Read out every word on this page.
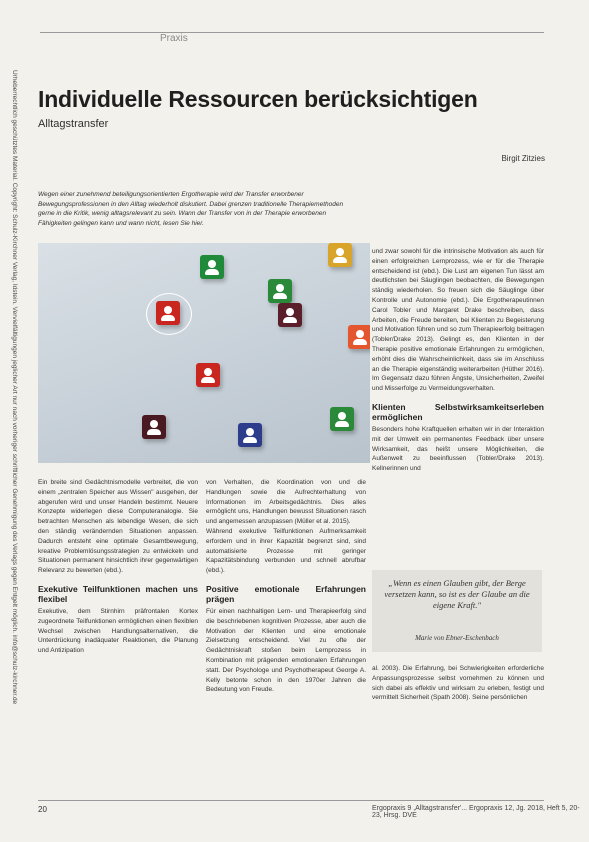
Praxis
Urheberrechtlich geschütztes Material. Copyright: Schulz-Kirchner Verlag, Idstein. Vervielfältigungen jeglicher Art nur nach vorheriger schriftlicher Genehmigung des Verlags gegen Entgelt möglich. info@schulz-kirchner.de Individuelle Ressourcen berücksichtigen
Alltagstransfer
Birgit Zitzies
Wegen einer zunehmend beteiligungsorientierten Ergotherapie wird der Transfer erworbener Bewegungsprofessionen in den Alltag wiederholt diskutiert. Dabei grenzen traditionelle Therapiemethoden gerne in die Kritik, wenig alltagsrelevant zu sein. Wann der Transfer von in der Therapie erworbenen Fähigkeiten gelingen kann und wann nicht, lesen Sie hier.

Ein breite sind Gedächtnismodelle verbreitet, die von einem „zentralen Speicher aus Wissen" ausgehen, der abgerufen wird und unser Handeln bestimmt. Neuere Konzepte widerlegen diese Computeranalogie. Sie betrachten Menschen als lebendige Wesen, die sich den ständig verändernden Situationen anpassen. Dadurch entsteht eine optimale Gesamtbewegung, kreative Problemlösungsstrategien zu entwickeln und Situationen permanent hinsichtlich ihrer gegenwärtigen Relevanz zu bewerten (ebd.).

Exekutive Teilfunktionen machen uns flexibel

Exekutive, dem Stirnhirn präfrontalen Kortex zugeordnete Teilfunktionen ermöglichen einen flexiblen Wechsel zwischen Handlungsalternativen, die Unterdrückung inadäquater Reaktionen, die Planung und Antizipation

von Verhalten, die Koordination von und die Handlungen sowie die Aufrechterhaltung von Informationen im Arbeitsgedächtnis. Dies alles ermöglicht uns, Handlungen bewusst Situationen rasch und angemessen anzupassen (Müller et al. 2015).

Während exekutive Teilfunktionen Aufmerksamkeit erfordern und in ihrer Kapazität begrenzt sind, sind automatisierte Prozesse mit geringer Kapazitätsbindung verbunden und schnell abrufbar (ebd.).

Positive emotionale Erfahrungen prägen

Für einen nachhaltigen Lern- und Therapieerfolg sind die beschriebenen kognitiven Prozesse, aber auch die Motivation der Klienten und eine emotionale Zielsetzung entscheidend. Viel zu ofte der Gedächtniskraft stoßen beim Lernprozess in Kombination mit prägenden emotionalen Erfahrungen statt. Der Psychologe und Psychotherapeut George A. Kelly betonte schon in den 1970er Jahren die Bedeutung von Freude.

und zwar sowohl für die intrinsische Motivation als auch für einen erfolgreichen Lernprozess, wie er für die Therapie entscheidend ist (ebd.). Die Lust am eigenen Tun lässt am deutlichsten bei Säuglingen beobachten, die Bewegungen ständig wiederholen. So freuen sich die Säuglinge über Kontrolle und Autonomie (ebd.). Die Ergotherapeutinnen Carol Tobler und Margaret Drake beschreiben, dass Arbeiten, die Freude bereiten, bei Klienten zu Begeisterung und Motivation führen und so zum Therapieerfolg beitragen (Tobler/Drake 2013). Gelingt es, den Klienten in der Therapie positive emotionale Erfahrungen zu ermöglichen, erhöht dies die Wahrscheinlichkeit, dass sie im Anschluss an die Therapie eigenständig weiterarbeiten (Hüther 2016). Im Gegensatz dazu führen Ängste, Unsicherheiten, Zweifel und Misserfolge zu Vermeidungsverhalten.

Klienten Selbstwirksamkeitserleben ermöglichen

Besonders hohe Kraftquellen erhalten wir in der Interaktion mit der Umwelt ein permanentes Feedback über unsere Wirksamkeit, das heißt unsere Möglichkeiten, die Außenwelt zu beeinflussen (Tobler/Drake 2013). Kellnerinnen und

„Wenn es einen Glauben gibt, der Berge versetzen kann, so ist es der Glaube an die eigene Kraft."
Marie von Ebner-Eschenbach

al. 2003). Die Erfahrung, bei Schwierigkeiten erforderliche Anpassungsprozesse selbst vornehmen zu können und sich dabei als effektiv und wirksam zu erleben, festigt und vermittelt Sicherheit (Spath 2008). Seine persönlichen

20	Ergopraxis 9 ,Alltagstransfer'... Ergopraxis 12, Jg. 2018, Heft 5, 20-23, Hrsg. DVE
